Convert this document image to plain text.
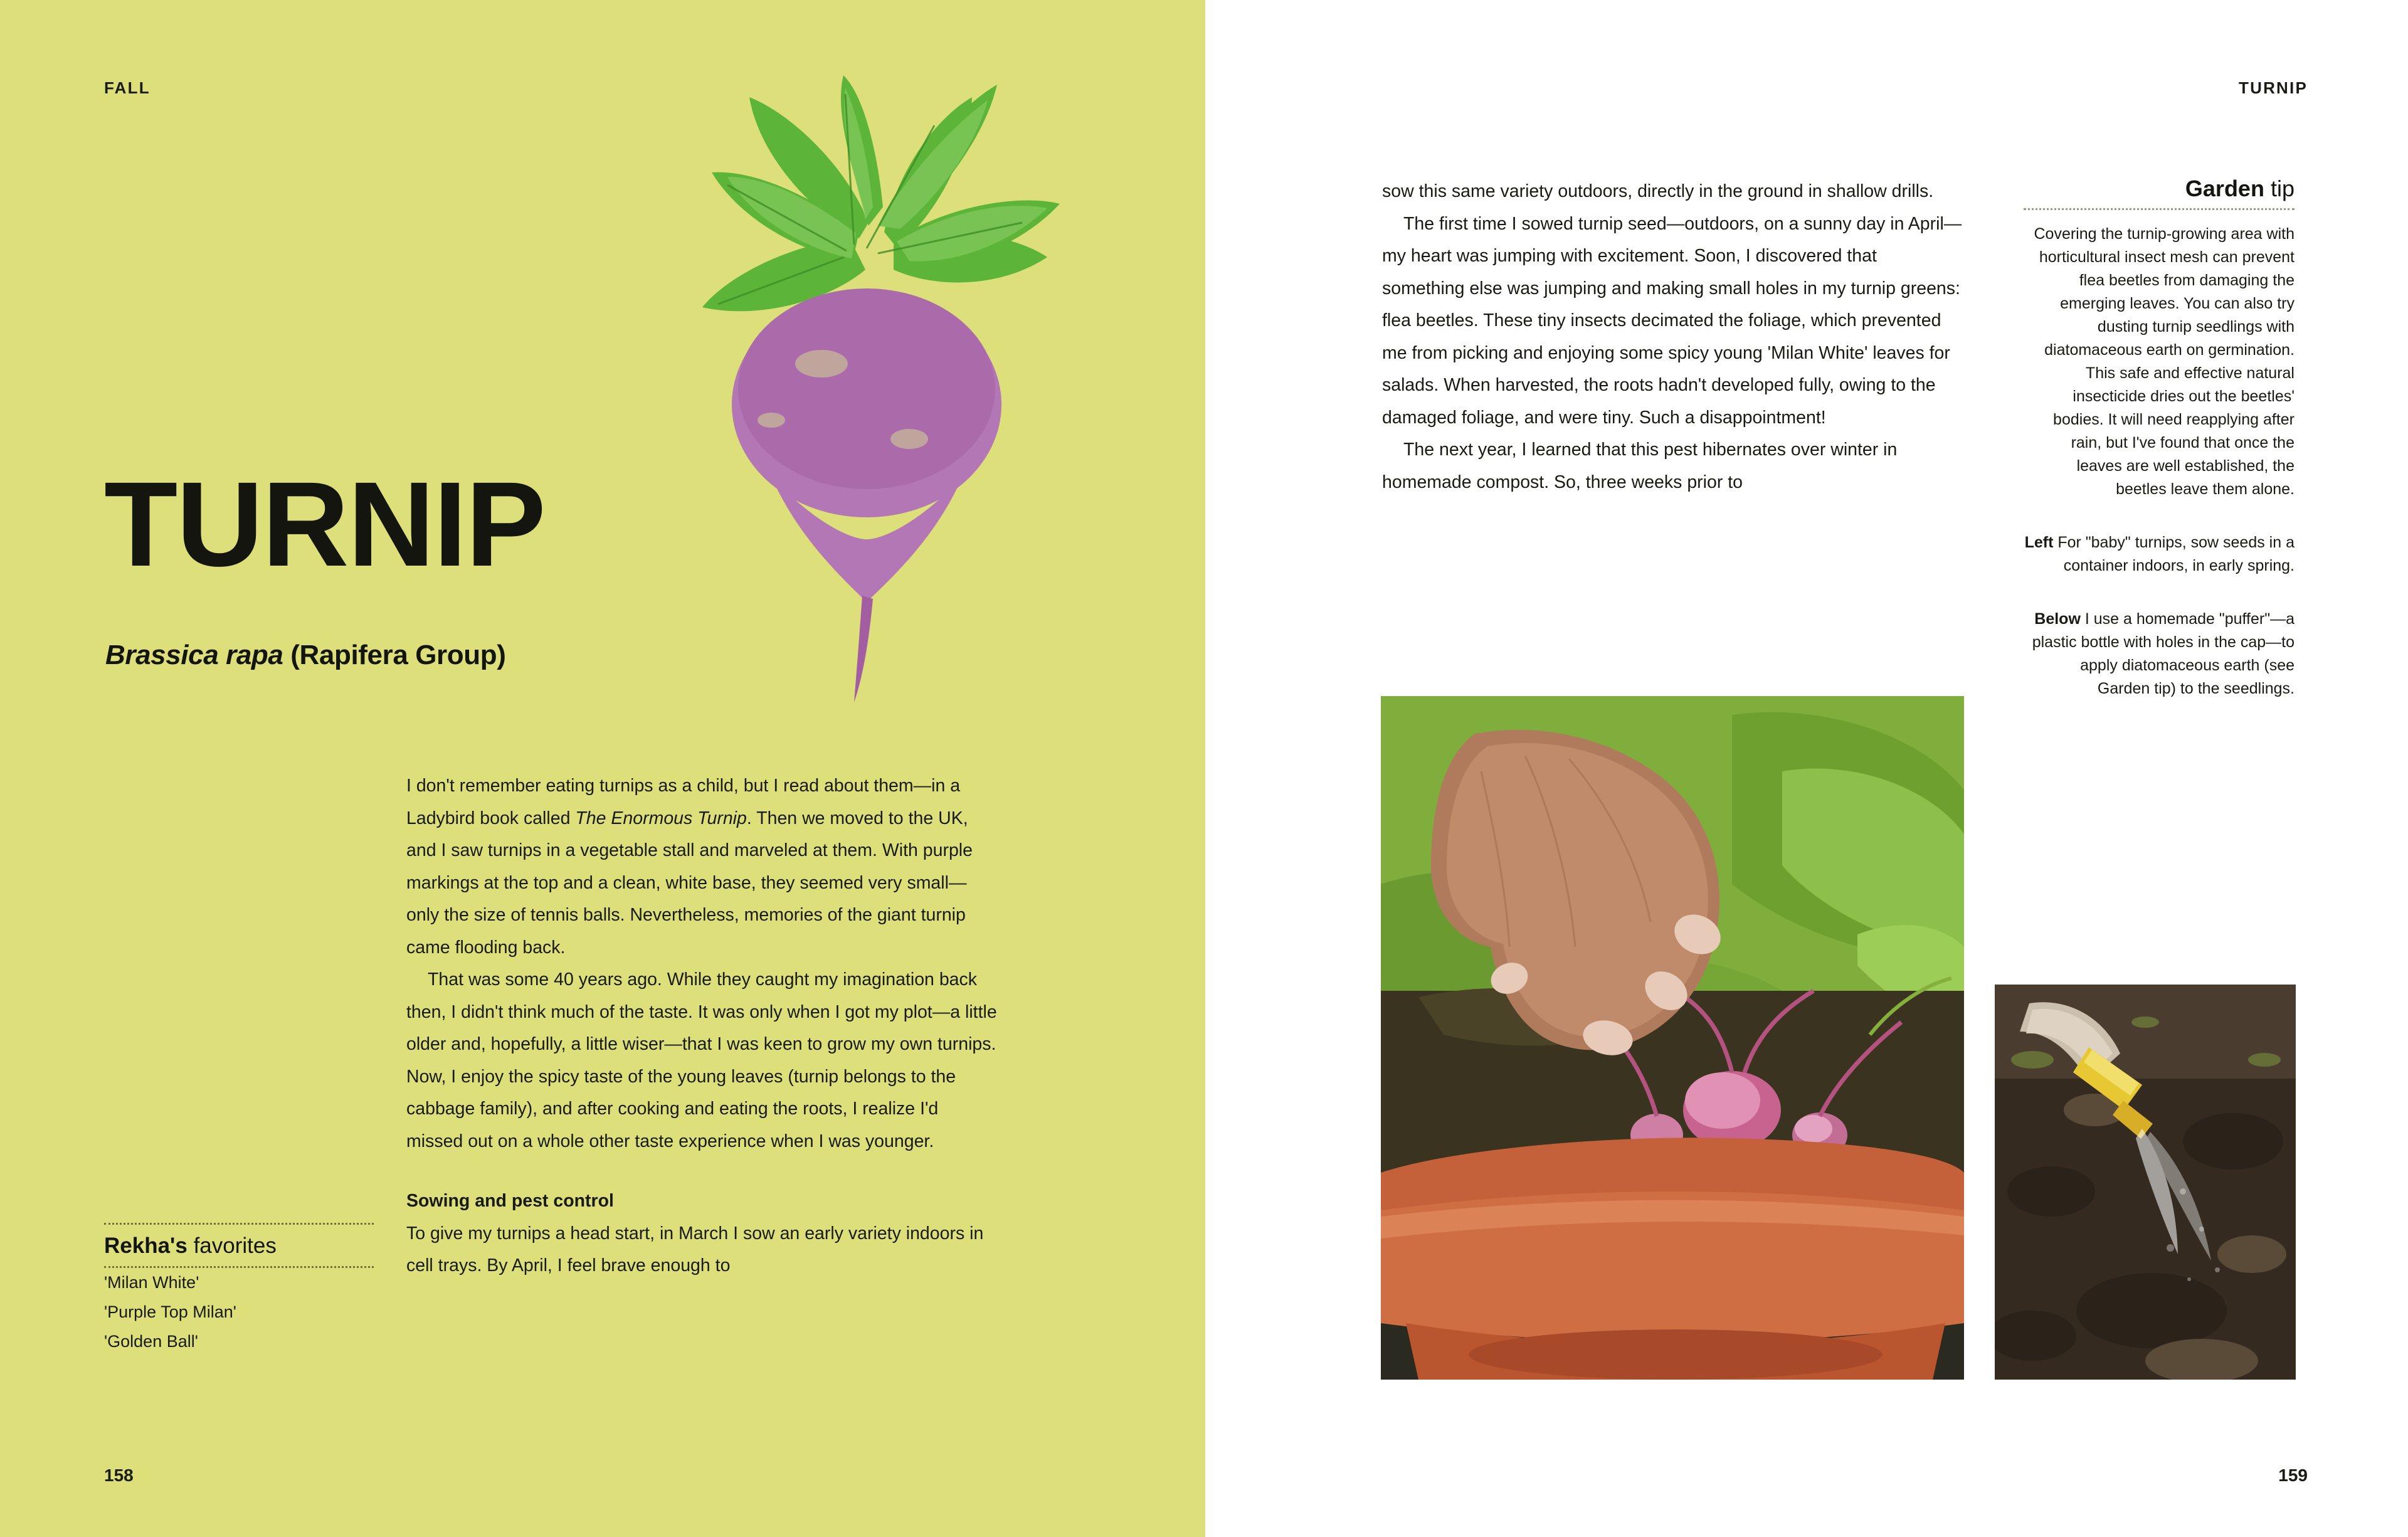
FALL
TURNIP
Brassica rapa (Rapifera Group)

I don't remember eating turnips as a child, but I read about them—in a Ladybird book called The Enormous Turnip. Then we moved to the UK, and I saw turnips in a vegetable stall and marveled at them. With purple markings at the top and a clean, white base, they seemed very small—only the size of tennis balls. Nevertheless, memories of the giant turnip came flooding back.

That was some 40 years ago. While they caught my imagination back then, I didn't think much of the taste. It was only when I got my plot—a little older and, hopefully, a little wiser—that I was keen to grow my own turnips. Now, I enjoy the spicy taste of the young leaves (turnip belongs to the cabbage family), and after cooking and eating the roots, I realize I'd missed out on a whole other taste experience when I was younger.

Sowing and pest control

To give my turnips a head start, in March I sow an early variety indoors in cell trays. By April, I feel brave enough to

Rekha's favorites
'Milan White'
'Purple Top Milan'
'Golden Ball'
158
TURNIP

sow this same variety outdoors, directly in the ground in shallow drills.

The first time I sowed turnip seed—outdoors, on a sunny day in April—my heart was jumping with excitement. Soon, I discovered that something else was jumping and making small holes in my turnip greens: flea beetles. These tiny insects decimated the foliage, which prevented me from picking and enjoying some spicy young 'Milan White' leaves for salads. When harvested, the roots hadn't developed fully, owing to the damaged foliage, and were tiny. Such a disappointment!

The next year, I learned that this pest hibernates over winter in homemade compost. So, three weeks prior to

Garden tip
Covering the turnip-growing area with horticultural insect mesh can prevent flea beetles from damaging the emerging leaves. You can also try dusting turnip seedlings with diatomaceous earth on germination. This safe and effective natural insecticide dries out the beetles' bodies. It will need reapplying after rain, but I've found that once the leaves are well established, the beetles leave them alone.
Left For "baby" turnips, sow seeds in a container indoors, in early spring.
Below I use a homemade "puffer"—a plastic bottle with holes in the cap—to apply diatomaceous earth (see Garden tip) to the seedlings.
159
